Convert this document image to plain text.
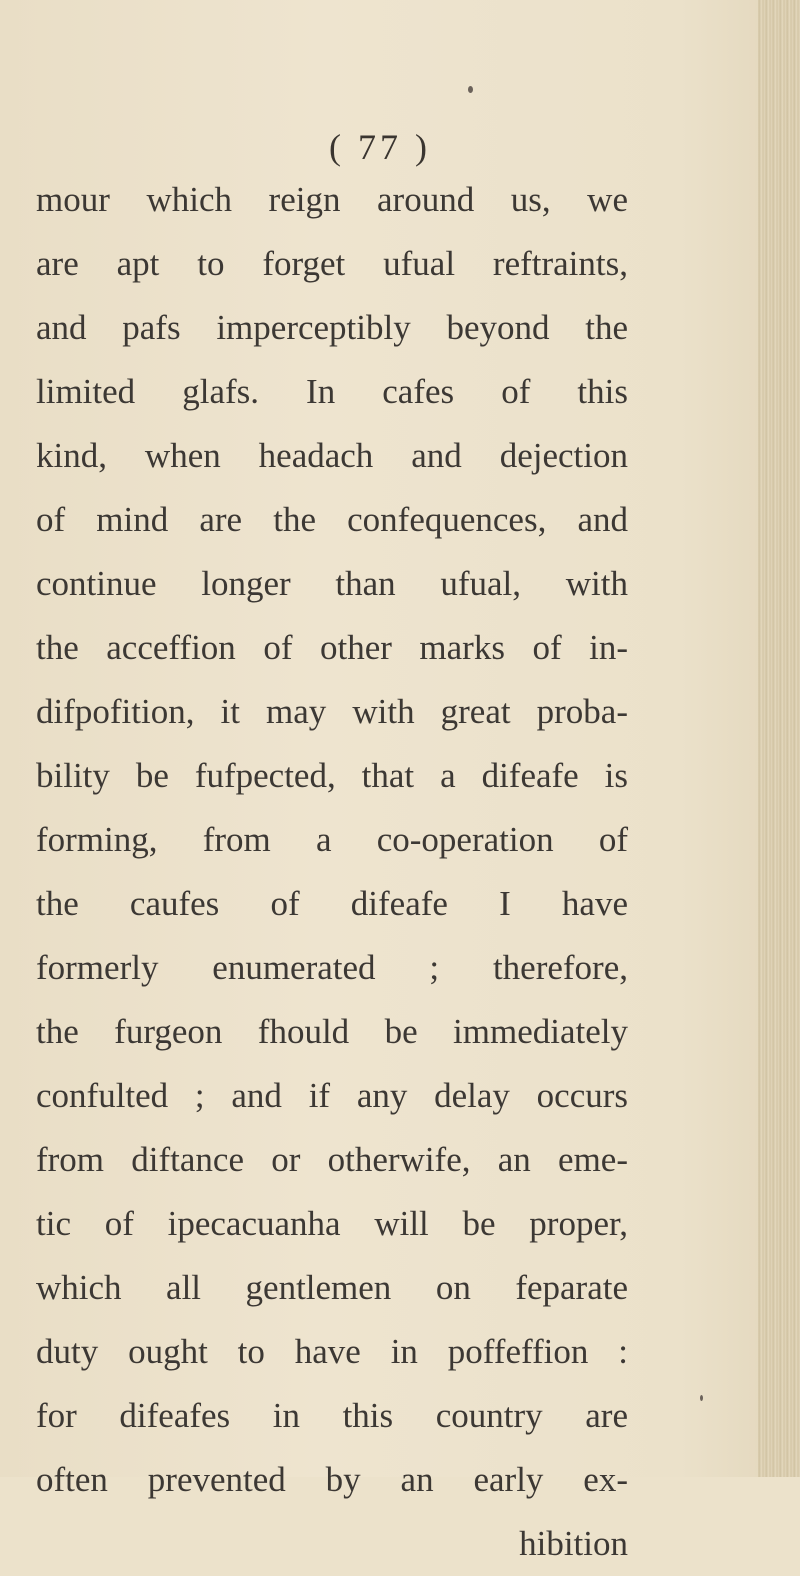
( 77 )
mour which reign around us, we
are apt to forget ufual reftraints,
and pafs imperceptibly beyond the
limited glafs. In cafes of this
kind, when headach and dejection
of mind are the confequences, and
continue longer than ufual, with
the acceffion of other marks of in-
difpofition, it may with great proba-
bility be fufpected, that a difeafe is
forming, from a co-operation of
the caufes of difeafe I have
formerly enumerated ; therefore,
the furgeon fhould be immediately
confulted ; and if any delay occurs
from diftance or otherwife, an eme-
tic of ipecacuanha will be proper,
which all gentlemen on feparate
duty ought to have in poffeffion :
for difeafes in this country are
often prevented by an early ex-
hibition
